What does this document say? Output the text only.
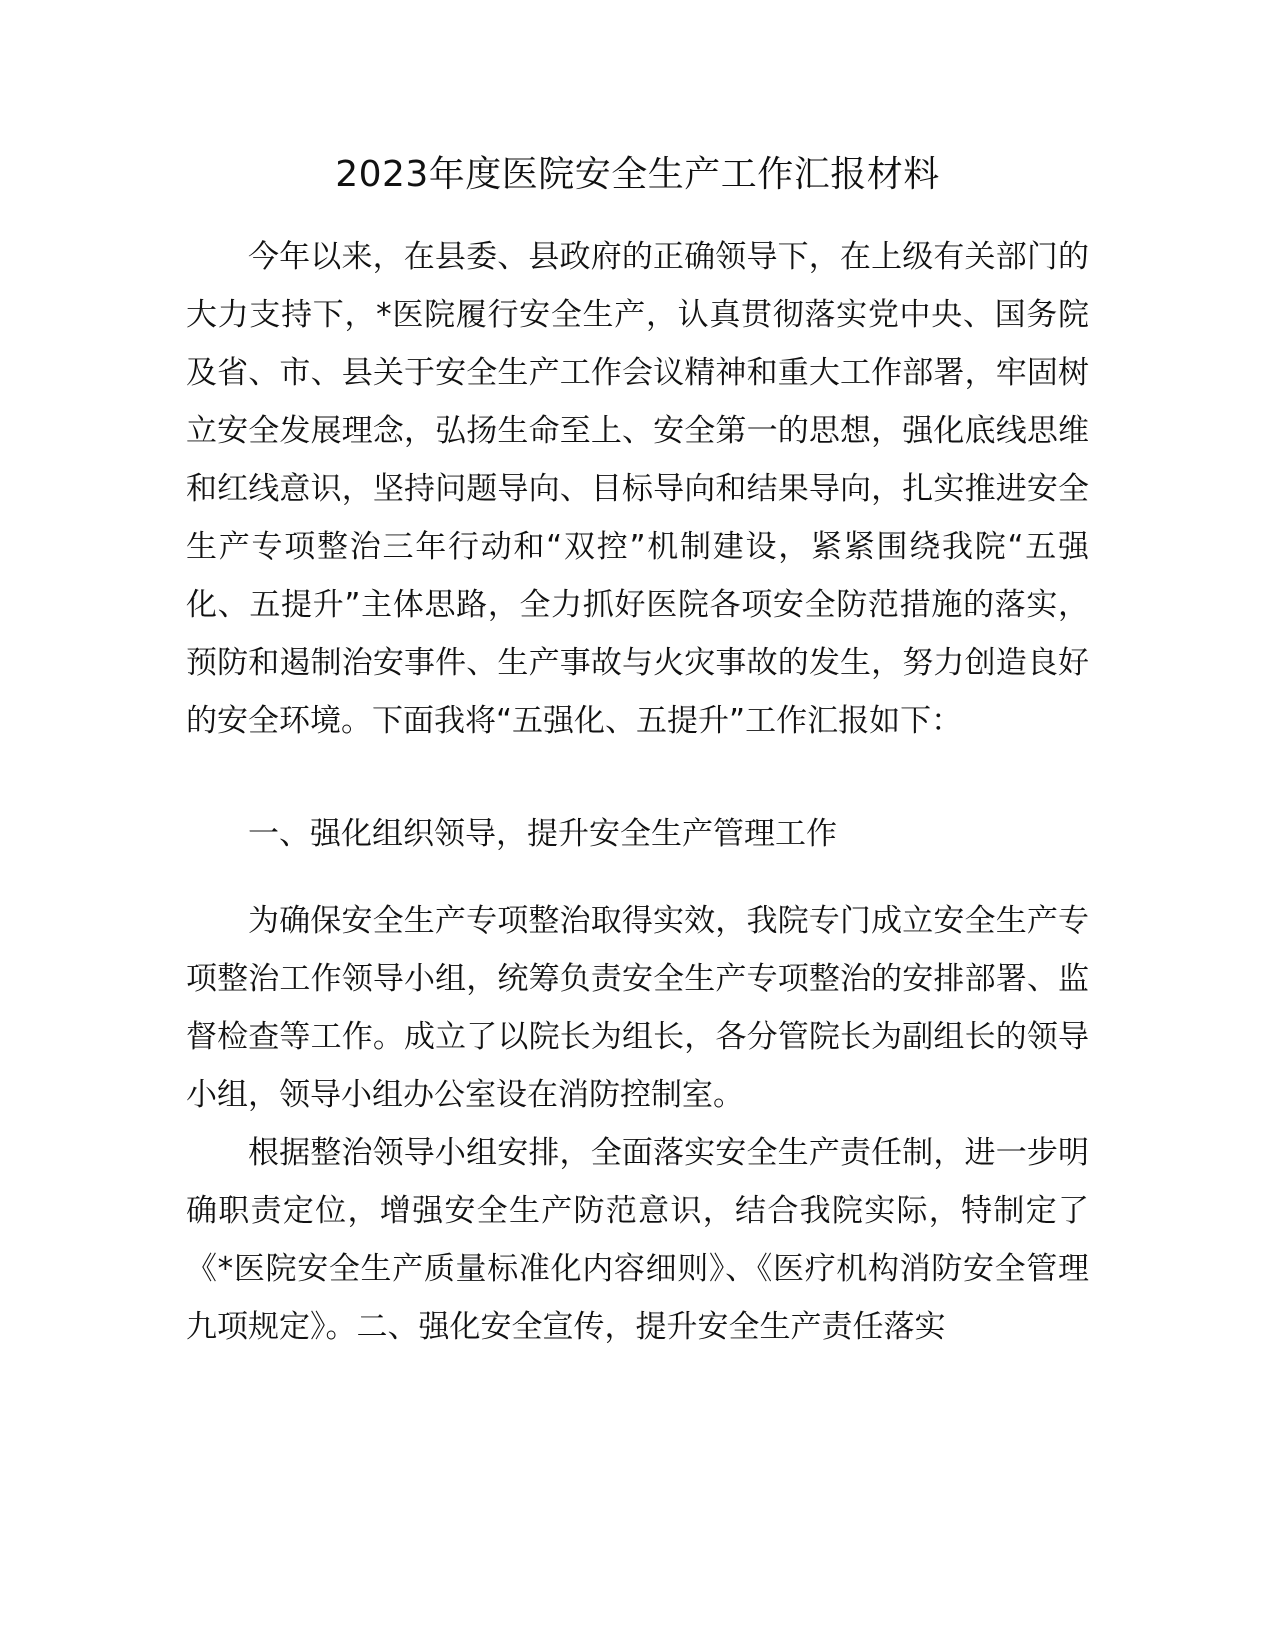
2023年度医院安全生产工作汇报材料

今年以来，在县委、县政府的正确领导下，在上级有关部门的大力支持下，*医院履行安全生产，认真贯彻落实党中央、国务院及省、市、县关于安全生产工作会议精神和重大工作部署，牢固树立安全发展理念，弘扬生命至上、安全第一的思想，强化底线思维和红线意识，坚持问题导向、目标导向和结果导向，扎实推进安全生产专项整治三年行动和“双控”机制建设，紧紧围绕我院“五强化、五提升”主体思路，全力抓好医院各项安全防范措施的落实，预防和遏制治安事件、生产事故与火灾事故的发生，努力创造良好的安全环境。下面我将“五强化、五提升”工作汇报如下：

一、强化组织领导，提升安全生产管理工作

为确保安全生产专项整治取得实效，我院专门成立安全生产专项整治工作领导小组，统筹负责安全生产专项整治的安排部署、监督检查等工作。成立了以院长为组长，各分管院长为副组长的领导小组，领导小组办公室设在消防控制室。

根据整治领导小组安排，全面落实安全生产责任制，进一步明确职责定位，增强安全生产防范意识，结合我院实际，特制定了《*医院安全生产质量标准化内容细则》、《医疗机构消防安全管理九项规定》。二、强化安全宣传，提升安全生产责任落实
